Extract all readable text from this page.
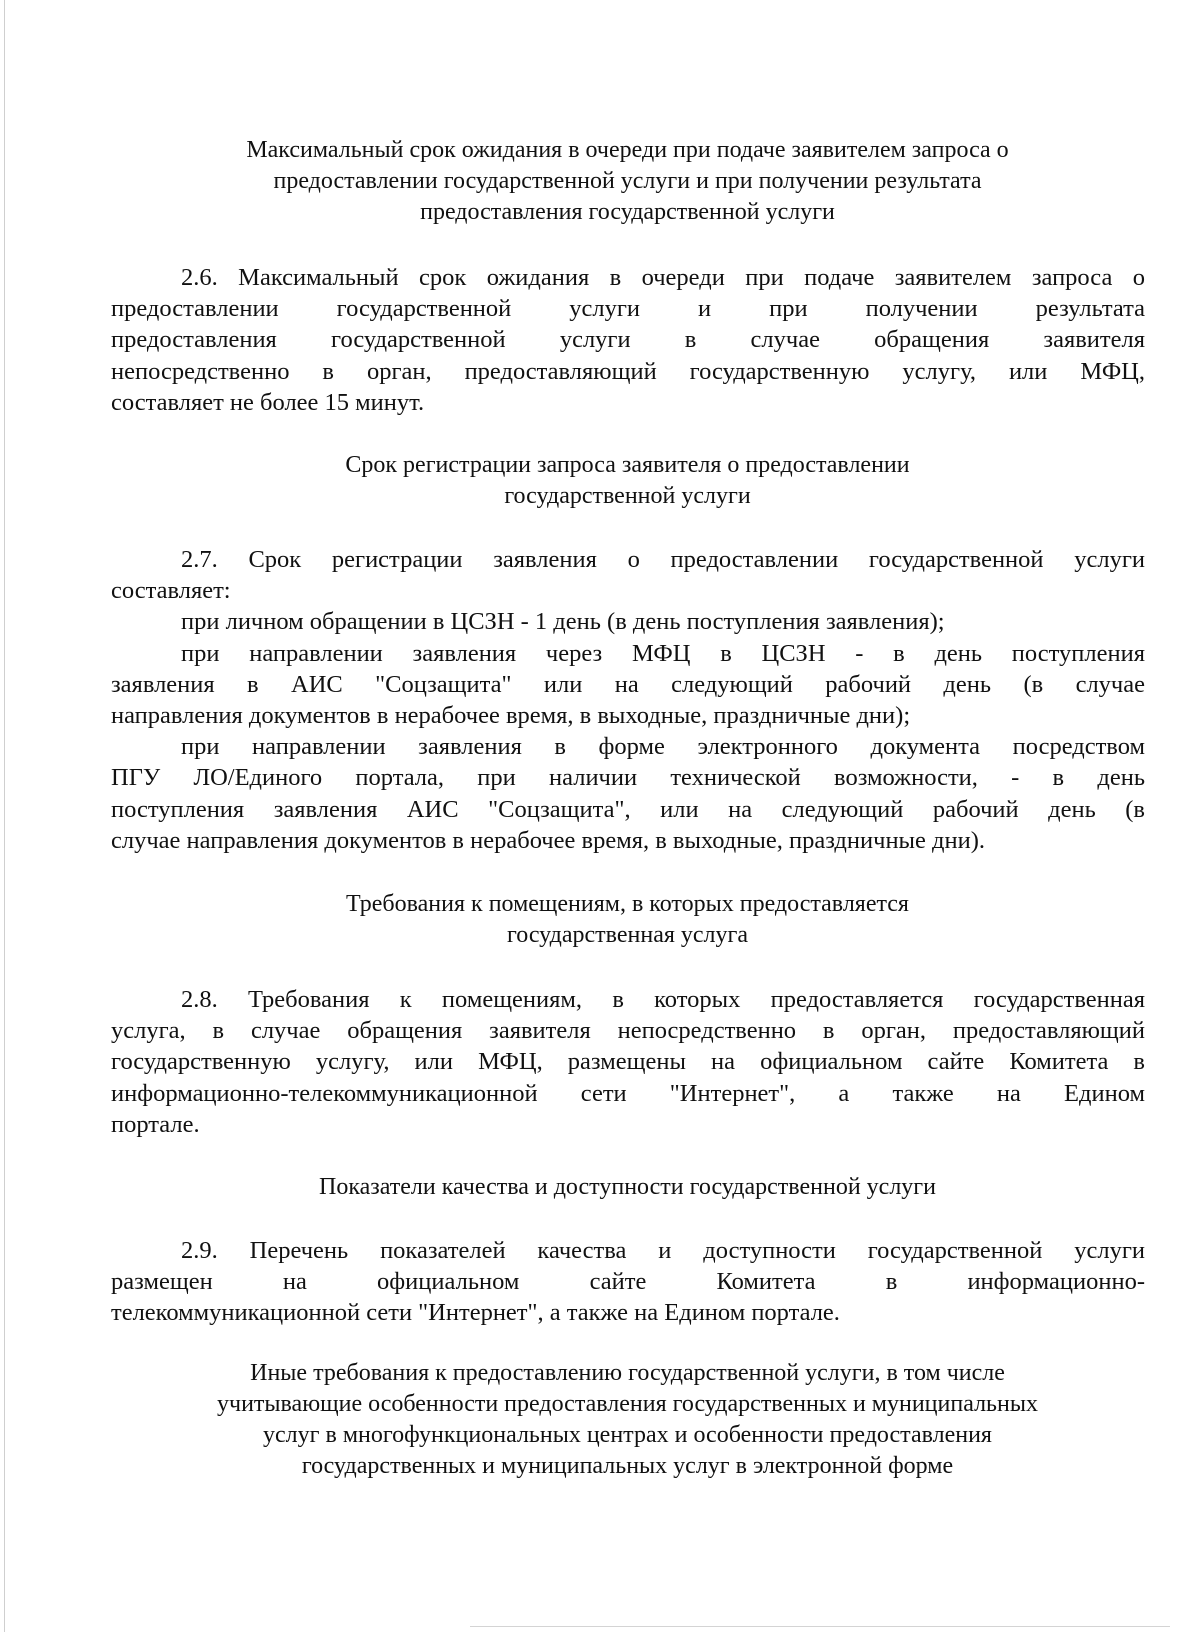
Максимальный срок ожидания в очереди при подаче заявителем запроса о
предоставлении государственной услуги и при получении результата
предоставления государственной услуги
2.6. Максимальный срок ожидания в очереди при подаче заявителем запроса о
предоставлении государственной услуги и при получении результата
предоставления государственной услуги в случае обращения заявителя
непосредственно в орган, предоставляющий государственную услугу, или МФЦ,
составляет не более 15 минут.
Срок регистрации запроса заявителя о предоставлении
государственной услуги
2.7. Срок регистрации заявления о предоставлении государственной услуги
составляет:
при личном обращении в ЦСЗН - 1 день (в день поступления заявления);
при направлении заявления через МФЦ в ЦСЗН - в день поступления
заявления в АИС "Соцзащита" или на следующий рабочий день (в случае
направления документов в нерабочее время, в выходные, праздничные дни);
при направлении заявления в форме электронного документа посредством
ПГУ ЛО/Единого портала, при наличии технической возможности, - в день
поступления заявления АИС "Соцзащита", или на следующий рабочий день (в
случае направления документов в нерабочее время, в выходные, праздничные дни).
Требования к помещениям, в которых предоставляется
государственная услуга
2.8. Требования к помещениям, в которых предоставляется государственная
услуга, в случае обращения заявителя непосредственно в орган, предоставляющий
государственную услугу, или МФЦ, размещены на официальном сайте Комитета в
информационно-телекоммуникационной сети "Интернет", а также на Едином
портале.
Показатели качества и доступности государственной услуги
2.9. Перечень показателей качества и доступности государственной услуги
размещен на официальном сайте Комитета в информационно-
телекоммуникационной сети "Интернет", а также на Едином портале.
Иные требования к предоставлению государственной услуги, в том числе
учитывающие особенности предоставления государственных и муниципальных
услуг в многофункциональных центрах и особенности предоставления
государственных и муниципальных услуг в электронной форме
